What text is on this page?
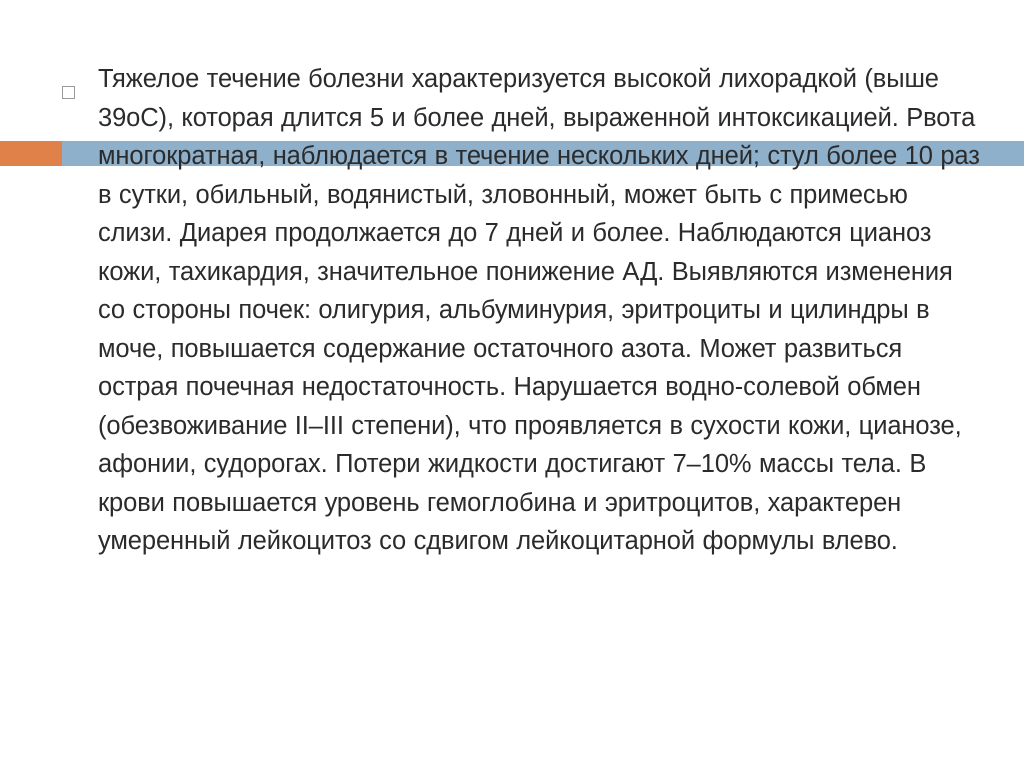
Тяжелое течение болезни характеризуется высокой лихорадкой (выше 39оС), которая длится 5 и более дней, выраженной интоксикацией. Рвота многократная, наблюдается в течение нескольких дней; стул более 10 раз в сутки, обильный, водянистый, зловонный, может быть с примесью слизи. Диарея продолжается до 7 дней и более. Наблюдаются цианоз кожи, тахикардия, значительное понижение АД. Выявляются изменения со стороны почек: олигурия, альбуминурия, эритроциты и цилиндры в моче, повышается содержание остаточного азота. Может развиться острая почечная недостаточность. Нарушается водно-солевой обмен (обезвоживание II–III степени), что проявляется в сухости кожи, цианозе, афонии, судорогах. Потери жидкости достигают 7–10% массы тела. В крови повышается уровень гемоглобина и эритроцитов, характерен умеренный лейкоцитоз со сдвигом лейкоцитарной формулы влево.
